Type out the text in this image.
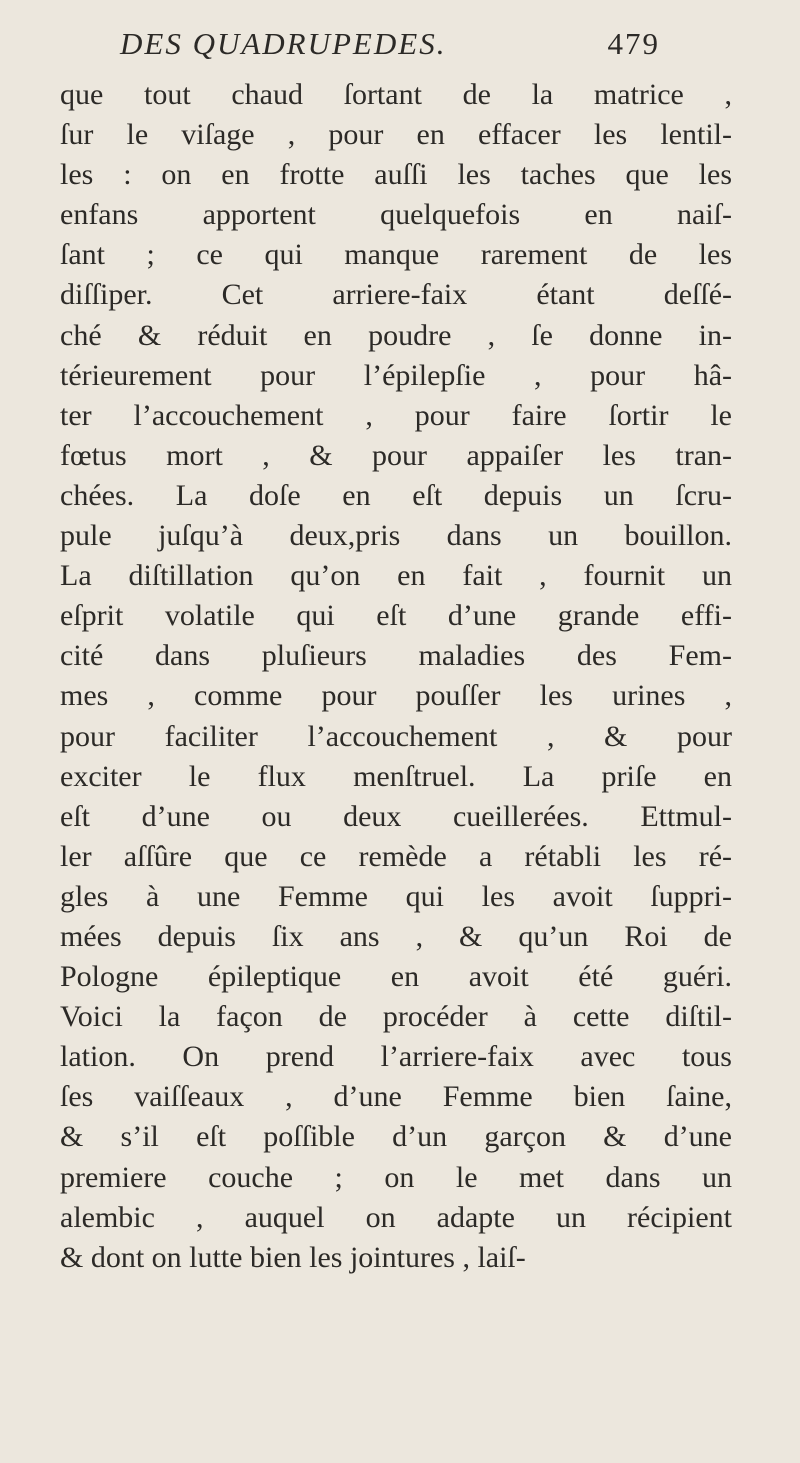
DES QUADRUPEDES.	479
que tout chaud ſortant de la matrice ,
ſur le viſage , pour en effacer les lentil-
les : on en frotte auſſi les taches que les
enfans apportent quelquefois en naiſ-
ſant ; ce qui manque rarement de les
diſſiper. Cet arriere-faix étant deſſé-
ché & réduit en poudre , ſe donne in-
térieurement pour l’épilepſie , pour hâ-
ter l’accouchement , pour faire ſortir le
fœtus mort , & pour appaiſer les tran-
chées. La doſe en eſt depuis un ſcru-
pule juſqu’à deux,pris dans un bouillon.
La diſtillation qu’on en fait , fournit un
eſprit volatile qui eſt d’une grande effi-
cité dans pluſieurs maladies des Fem-
mes , comme pour pouſſer les urines ,
pour faciliter l’accouchement , & pour
exciter le flux menſtruel. La priſe en
eſt d’une ou deux cueillerées. Ettmul-
ler aſſûre que ce remède a rétabli les ré-
gles à une Femme qui les avoit ſuppri-
mées depuis ſix ans , & qu’un Roi de
Pologne épileptique en avoit été guéri.
Voici la façon de procéder à cette diſtil-
lation. On prend l’arriere-faix avec tous
ſes vaiſſeaux , d’une Femme bien ſaine,
& s’il eſt poſſible d’un garçon & d’une
premiere couche ; on le met dans un
alembic , auquel on adapte un récipient
& dont on lutte bien les jointures , laiſ-
